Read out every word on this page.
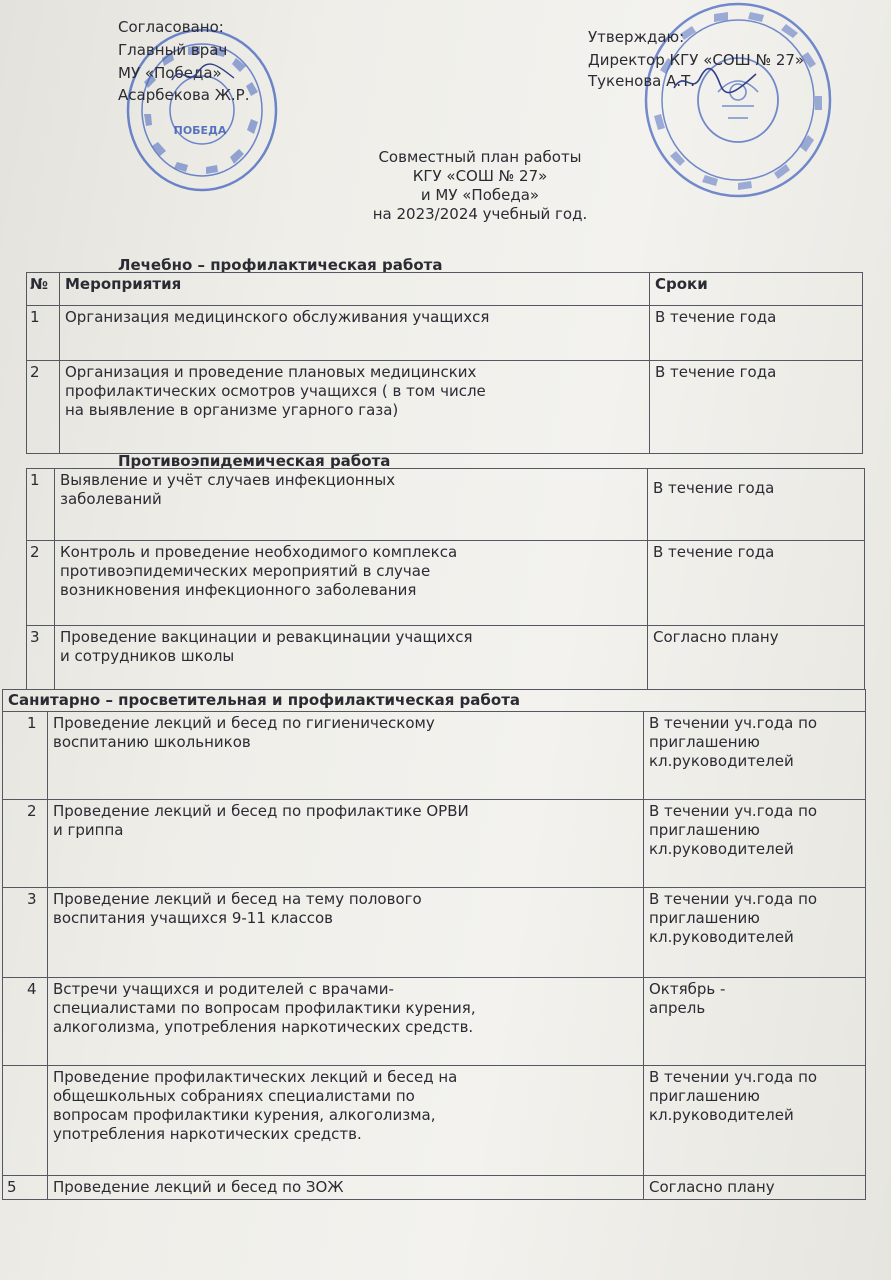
ПОБЕДА
Согласовано:
Главный врач
МУ «Победа»
Асарбекова Ж.Р.
Утверждаю:
Директор КГУ «СОШ № 27»
Тукенова А.Т.
Совместный план работы
КГУ «СОШ № 27»
и МУ «Победа»
на 2023/2024 учебный год.
Лечебно – профилактическая работа
№	Мероприятия	Сроки
1	Организация медицинского обслуживания учащихся	В течение года

2	Организация и проведение плановых медицинских
профилактических осмотров учащихся ( в том числе
на выявление в организме угарного газа)	В течение года
Противоэпидемическая работа
1	Выявление и учёт случаев инфекционных
заболеваний	В течение года

2	Контроль и проведение необходимого комплекса
противоэпидемических мероприятий в случае
возникновения инфекционного заболевания	В течение года

3	Проведение вакцинации и ревакцинации учащихся
и сотрудников школы	Согласно плану
Санитарно – просветительная и профилактическая работа		
1	Проведение лекций и бесед по гигиеническому
воспитанию школьников	В течении уч.года по
приглашению
кл.руководителей

2	Проведение лекций и бесед по профилактике ОРВИ
и гриппа	В течении уч.года по
приглашению
кл.руководителей

3	Проведение лекций и бесед на тему полового
воспитания учащихся 9-11 классов	В течении уч.года по
приглашению
кл.руководителей

4	Встречи учащихся и родителей с врачами-
специалистами по вопросам профилактики курения,
алкоголизма, употребления наркотических средств.	Октябрь -
апрель

	Проведение профилактических лекций и бесед на
общешкольных собраниях специалистами по
вопросам профилактики курения, алкоголизма,
употребления наркотических средств.	В течении уч.года по
приглашению
кл.руководителей

5	Проведение лекций и бесед по ЗОЖ	Согласно плану
